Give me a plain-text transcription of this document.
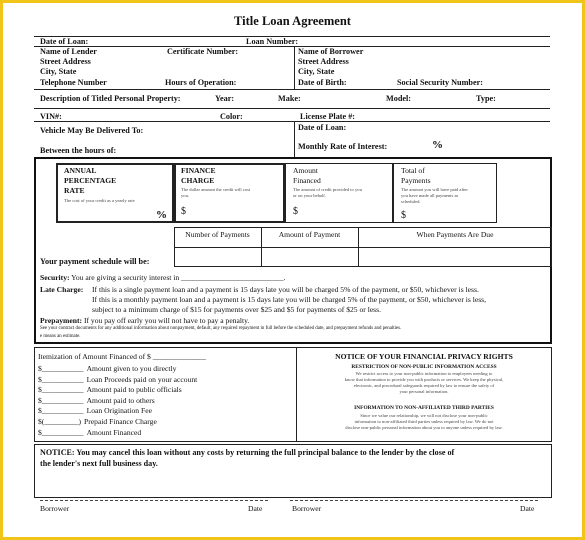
Title Loan Agreement
Date of Loan:	Loan Number:
Name of Lender	Certificate Number:
Street Address
City, State
Telephone Number	Hours of Operation:
Name of Borrower
Street Address
City, State
Date of Birth:	Social Security Number:
Description of Titled Personal Property:	Year:	Make:	Model:	Type:
VIN#:	Color:	License Plate #:
Vehicle May Be Delivered To:	Date of Loan:
Between the hours of:	Monthly Rate of Interest:	%
ANNUAL
PERCENTAGE
RATE
The cost of your credit as a yearly rate
%
FINANCE
CHARGE
The dollar amount the credit will cost
you.
$
Amount
Financed
The amount of credit provided to you
or on your behalf.
$
Total of
Payments
The amount you will have paid after
you have made all payments as
scheduled.
$
Number of Payments	Amount of Payment	When Payments Are Due
Your payment schedule will be:
Security: You are giving a security interest in ___________________________.
Late Charge: If this is a single payment loan and a payment is 15 days late you will be charged 5% of the payment, or $50, whichever is less.
If this is a monthly payment loan and a payment is 15 days late you will be charged 5% of the payment, or $50, whichever is less,
subject to a minimum charge of $15 for payments over $25 and $5 for payments of $25 or less.
Prepayment: If you pay off early you will not have to pay a penalty.
See your contract documents for any additional information about nonpayment, default, any required repayment in full before the scheduled date, and prepayment refunds and penalties.
e means an estimate.
Itemization of Amount Financed of $ ______________
$___________ Amount given to you directly
$___________ Loan Proceeds paid on your account
$___________ Amount paid to public officials
$___________ Amount paid to others
$___________ Loan Origination Fee
$(_________) Prepaid Finance Charge
$___________ Amount Financed
NOTICE OF YOUR FINANCIAL PRIVACY RIGHTS
RESTRICTION OF NON-PUBLIC INFORMATION ACCESS
We restrict access to your non-public information to employees needing to
know that information to provide you with products or services. We keep the physical,
electronic, and procedural safeguards required by law to ensure the safety of
your personal information.
INFORMATION TO NON-AFFILIATED THIRD PARTIES
Since we value our relationship, we will not disclose your non-public
information to non-affiliated third parties unless required by law. We do not
disclose non-public personal information about you to anyone unless required by law.
NOTICE: You may cancel this loan without any costs by returning the full principal balance to the lender by the close of
the lender's next full business day.
Borrower	Date	Borrower	Date
